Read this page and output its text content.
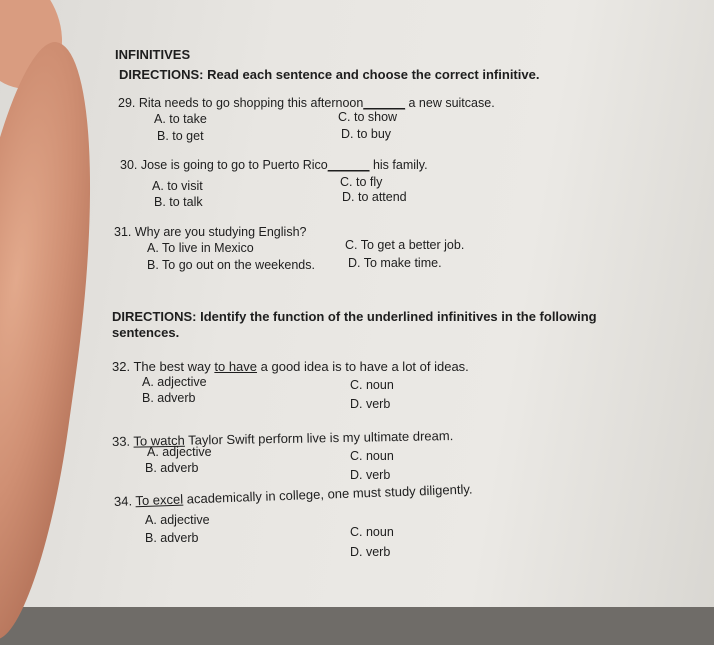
INFINITIVES
DIRECTIONS: Read each sentence and choose the correct infinitive.
29. Rita needs to go shopping this afternoon______ a new suitcase.
A. to take
B. to get
C. to show
D. to buy
30. Jose is going to go to Puerto Rico______ his family.
A. to visit
B. to talk
C. to fly
D. to attend
31. Why are you studying English?
A. To live in Mexico
B. To go out on the weekends.
C. To get a better job.
D. To make time.
DIRECTIONS: Identify the function of the underlined infinitives in the following
sentences.
32. The best way to have a good idea is to have a lot of ideas.
A. adjective
B. adverb
C. noun
D. verb
33. To watch Taylor Swift perform live is my ultimate dream.
A. adjective
B. adverb
C. noun
D. verb
34. To excel academically in college, one must study diligently.
A. adjective
B. adverb	C. noun
D. verb
